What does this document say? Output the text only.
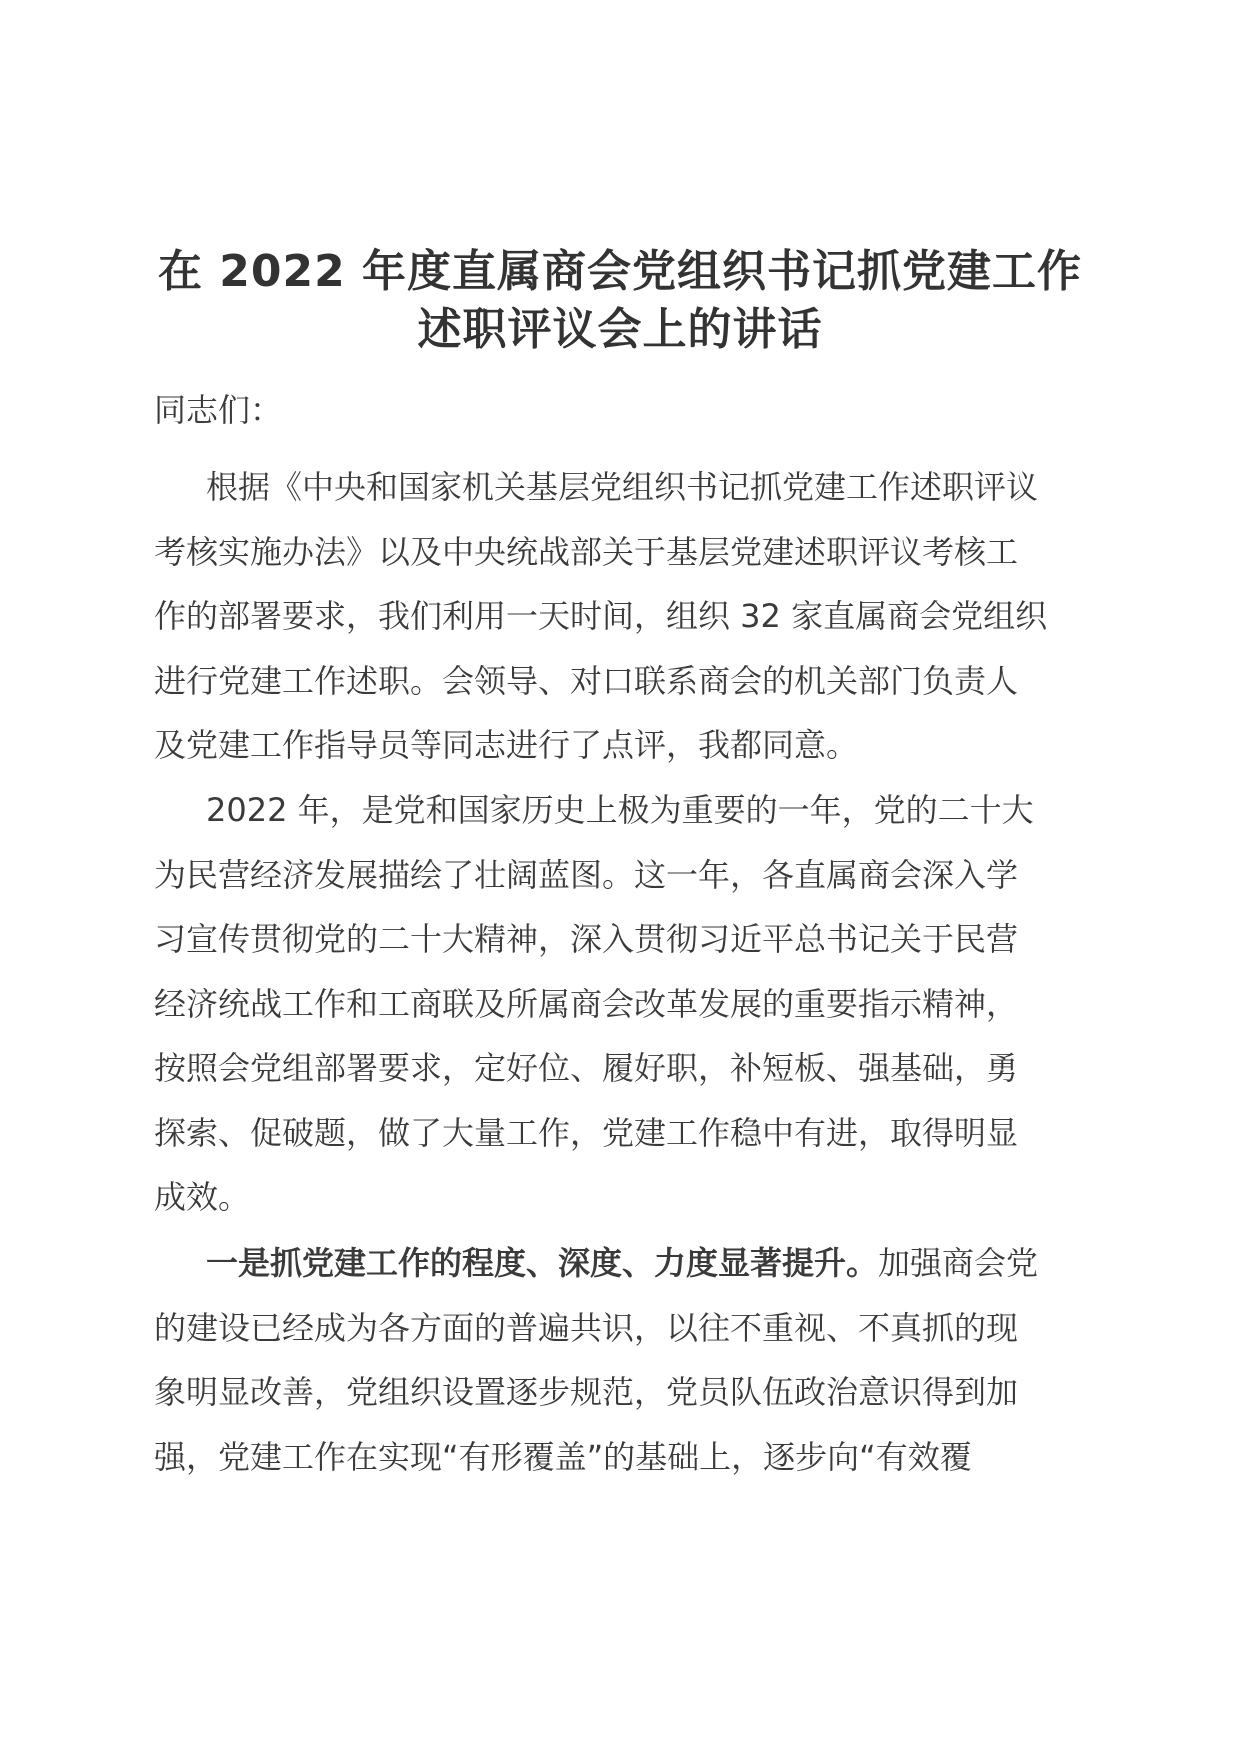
在 2022 年度直属商会党组织书记抓党建工作
述职评议会上的讲话
同志们：
根据《中央和国家机关基层党组织书记抓党建工作述职评议
考核实施办法》以及中央统战部关于基层党建述职评议考核工
作的部署要求，我们利用一天时间，组织 32 家直属商会党组织
进行党建工作述职。会领导、对口联系商会的机关部门负责人
及党建工作指导员等同志进行了点评，我都同意。
2022 年，是党和国家历史上极为重要的一年，党的二十大
为民营经济发展描绘了壮阔蓝图。这一年，各直属商会深入学
习宣传贯彻党的二十大精神，深入贯彻习近平总书记关于民营
经济统战工作和工商联及所属商会改革发展的重要指示精神，
按照会党组部署要求，定好位、履好职，补短板、强基础，勇
探索、促破题，做了大量工作，党建工作稳中有进，取得明显
成效。
一是抓党建工作的程度、深度、力度显著提升。加强商会党
的建设已经成为各方面的普遍共识，以往不重视、不真抓的现
象明显改善，党组织设置逐步规范，党员队伍政治意识得到加
强，党建工作在实现“有形覆盖”的基础上，逐步向“有效覆
